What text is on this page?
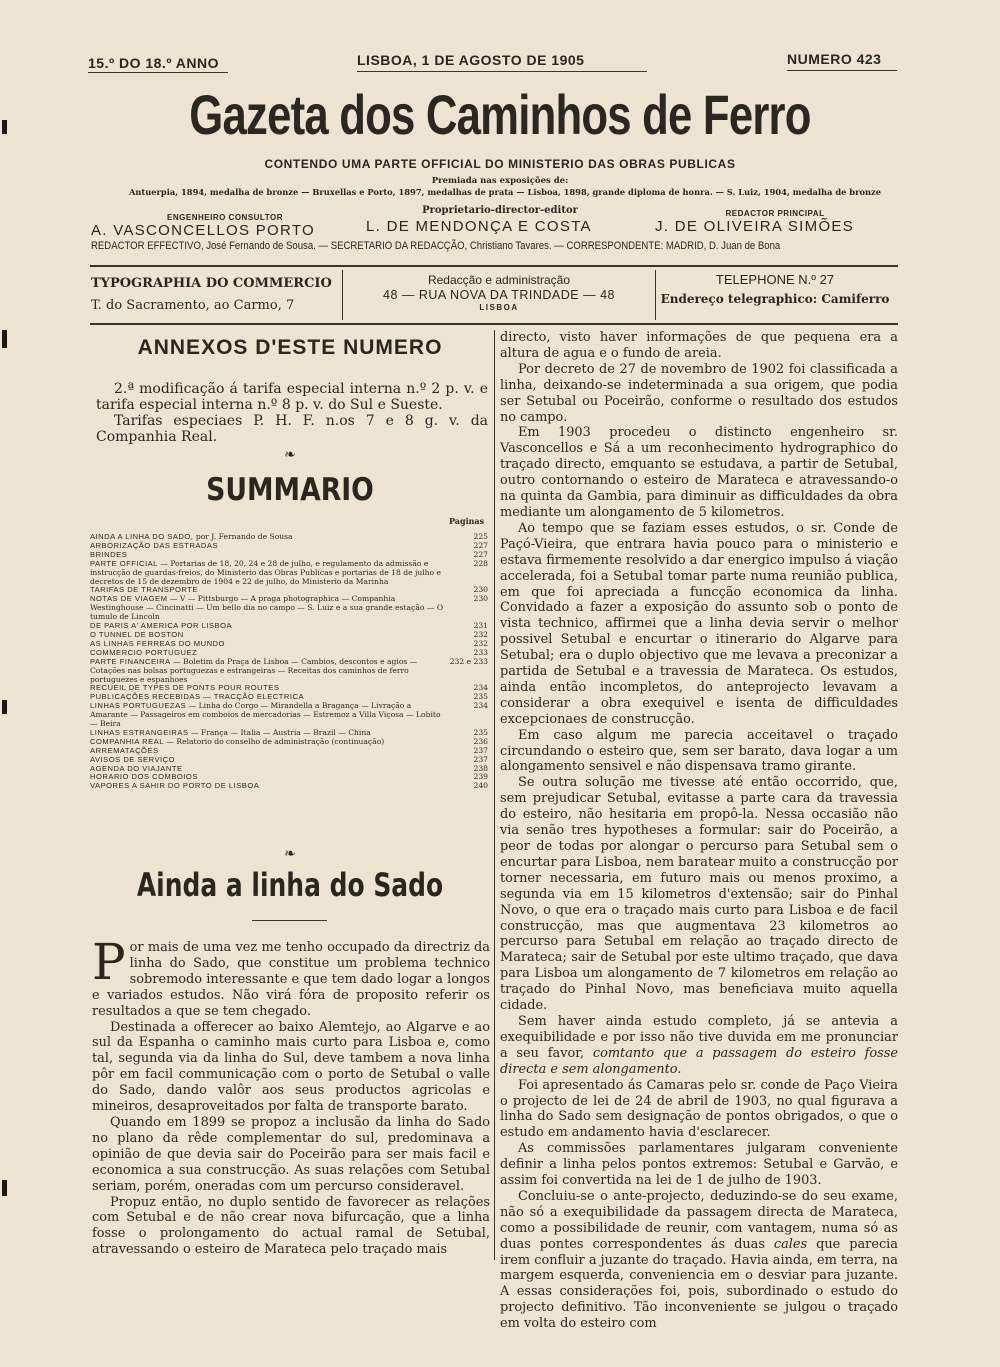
15.º DO 18.º ANNO	LISBOA, 1 DE AGOSTO DE 1905	NUMERO 423
Gazeta dos Caminhos de Ferro
CONTENDO UMA PARTE OFFICIAL DO MINISTERIO DAS OBRAS PUBLICAS
Premiada nas exposições de:
Antuerpia, 1894, medalha de bronze — Bruxellas e Porto, 1897, medalhas de prata — Lisboa, 1898, grande diploma de honra. — S. Luiz, 1904, medalha de bronze
Proprietario-director-editor
ENGENHEIRO CONSULTOR	REDACTOR PRINCIPAL
A. VASCONCELLOS PORTO	L. DE MENDONÇA E COSTA	J. DE OLIVEIRA SIMÕES
REDACTOR EFFECTIVO, José Fernando de Sousa. — SECRETARIO DA REDACÇÃO, Christiano Tavares. — CORRESPONDENTE: MADRID, D. Juan de Bona
TYPOGRAPHIA DO COMMERCIO
T. do Sacramento, ao Carmo, 7
Redacção e administração
48 — RUA NOVA DA TRINDADE — 48
LISBOA
TELEPHONE N.º 27
Endereço telegraphico: Camiferro
ANNEXOS D'ESTE NUMERO

2.ª modificação á tarifa especial interna n.º 2 p. v. e tarifa especial interna n.º 8 p. v. do Sul e Sueste.

Tarifas especiaes P. H. F. n.os 7 e 8 g. v. da Companhia Real.

❧
SUMMARIO
Paginas
AINDA A LINHA DO SADO, por J. Fernando de Sousa	225
ARBORIZAÇÃO DAS ESTRADAS	227
BRINDES	227
PARTE OFFICIAL — Portarias de 18, 20, 24 e 28 de julho, e regulamento da admissão e instrucção de guardas-freios, do Ministerio das Obras Publicas e portarias de 18 de julho e decretos de 15 de dezembro de 1904 e 22 de julho, do Ministerio da Marinha
228
TARIFAS DE TRANSPORTE	230
NOTAS DE VIAGEM — V — Pittsburgo — A praga photographica — Companhia Westinghouse — Cincinatti — Um bello dia no campo — S. Luiz e a sua grande estação — O tumulo de Lincoln
230
DE PARIS A' AMERICA POR LISBOA	231
O TUNNEL DE BOSTON	232
AS LINHAS FERREAS DO MUNDO	232
COMMERCIO PORTUGUEZ	233
PARTE FINANCEIRA — Boletim da Praça de Lisboa — Cambios, descontos e agios — Cotações nas bolsas portuguezas e estrangeiras — Receitas dos caminhos de ferro portuguezes e espanhoes
232 e 233
RECUEIL DE TYPES DE PONTS POUR ROUTES	234
PUBLICAÇÕES RECEBIDAS — TRACÇÃO ELECTRICA	235
LINHAS PORTUGUEZAS — Linha do Corgo — Mirandella a Bragança — Livração a Amarante — Passageiros em comboios de mercadorias — Estremoz a Villa Viçosa — Lobito — Beira
234
LINHAS ESTRANGEIRAS — França — Italia — Austria — Brazil — China	235
COMPANHIA REAL — Relatorio do conselho de administração (continuação)	236
ARREMATAÇÕES	237
AVISOS DE SERVIÇO	237
AGENDA DO VIAJANTE	238
HORARIO DOS COMBOIOS	239
VAPORES A SAHIR DO PORTO DE LISBOA	240
❧
Ainda a linha do Sado

Por mais de uma vez me tenho occupado da directriz da linha do Sado, que constitue um problema technico sobremodo interessante e que tem dado logar a longos e variados estudos. Não virá fóra de proposito referir os resultados a que se tem chegado.

Destinada a offerecer ao baixo Alemtejo, ao Algarve e ao sul da Espanha o caminho mais curto para Lisboa e, como tal, segunda via da linha do Sul, deve tambem a nova linha pôr em facil communicação com o porto de Setubal o valle do Sado, dando valôr aos seus productos agricolas e mineiros, desaproveitados por falta de transporte barato.

Quando em 1899 se propoz a inclusão da linha do Sado no plano da rêde complementar do sul, predominava a opinião de que devia sair do Poceirão para ser mais facil e economica a sua construcção. As suas relações com Setubal seriam, porém, oneradas com um percurso consideravel.

Propuz então, no duplo sentido de favorecer as relações com Setubal e de não crear nova bifurcação, que a linha fosse o prolongamento do actual ramal de Setubal, atravessando o esteiro de Marateca pelo traçado mais

directo, visto haver informações de que pequena era a altura de agua e o fundo de areia.

Por decreto de 27 de novembro de 1902 foi classificada a linha, deixando-se indeterminada a sua origem, que podia ser Setubal ou Poceirão, conforme o resultado dos estudos no campo.

Em 1903 procedeu o distincto engenheiro sr. Vasconcellos e Sá a um reconhecimento hydrographico do traçado directo, emquanto se estudava, a partir de Setubal, outro contornando o esteiro de Marateca e atravessando-o na quinta da Gambia, para diminuir as difficuldades da obra mediante um alongamento de 5 kilometros.

Ao tempo que se faziam esses estudos, o sr. Conde de Paçó-Vieira, que entrara havia pouco para o ministerio e estava firmemente resolvido a dar energico impulso á viação accelerada, foi a Setubal tomar parte numa reunião publica, em que foi apreciada a funcção economica da linha. Convidado a fazer a exposição do assunto sob o ponto de vista technico, affirmei que a linha devia servir o melhor possivel Setubal e encurtar o itinerario do Algarve para Setubal; era o duplo objectivo que me levava a preconizar a partida de Setubal e a travessia de Marateca. Os estudos, ainda então incompletos, do anteprojecto levavam a considerar a obra exequivel e isenta de difficuldades excepcionaes de construcção.

Em caso algum me parecia acceitavel o traçado circundando o esteiro que, sem ser barato, dava logar a um alongamento sensivel e não dispensava tramo girante.

Se outra solução me tivesse até então occorrido, que, sem prejudicar Setubal, evitasse a parte cara da travessia do esteiro, não hesitaria em propô-la. Nessa occasião não via senão tres hypotheses a formular: sair do Poceirão, a peor de todas por alongar o percurso para Setubal sem o encurtar para Lisboa, nem baratear muito a construcção por torner necessaria, em futuro mais ou menos proximo, a segunda via em 15 kilometros d'extensão; sair do Pinhal Novo, o que era o traçado mais curto para Lisboa e de facil construcção, mas que augmentava 23 kilometros ao percurso para Setubal em relação ao traçado directo de Marateca; sair de Setubal por este ultimo traçado, que dava para Lisboa um alongamento de 7 kilometros em relação ao traçado do Pinhal Novo, mas beneficiava muito aquella cidade.

Sem haver ainda estudo completo, já se antevia a exequibilidade e por isso não tive duvida em me pronunciar a seu favor, comtanto que a passagem do esteiro fosse directa e sem alongamento.

Foi apresentado ás Camaras pelo sr. conde de Paço Vieira o projecto de lei de 24 de abril de 1903, no qual figurava a linha do Sado sem designação de pontos obrigados, o que o estudo em andamento havia d'esclarecer.

As commissões parlamentares julgaram conveniente definir a linha pelos pontos extremos: Setubal e Garvão, e assim foi convertida na lei de 1 de julho de 1903.

Concluiu-se o ante-projecto, deduzindo-se do seu exame, não só a exequibilidade da passagem directa de Marateca, como a possibilidade de reunir, com vantagem, numa só as duas pontes correspondentes ás duas cales que parecia irem confluir a juzante do traçado. Havia ainda, em terra, na margem esquerda, conveniencia em o desviar para juzante. A essas considerações foi, pois, subordinado o estudo do projecto definitivo. Tão inconveniente se julgou o traçado em volta do esteiro com
